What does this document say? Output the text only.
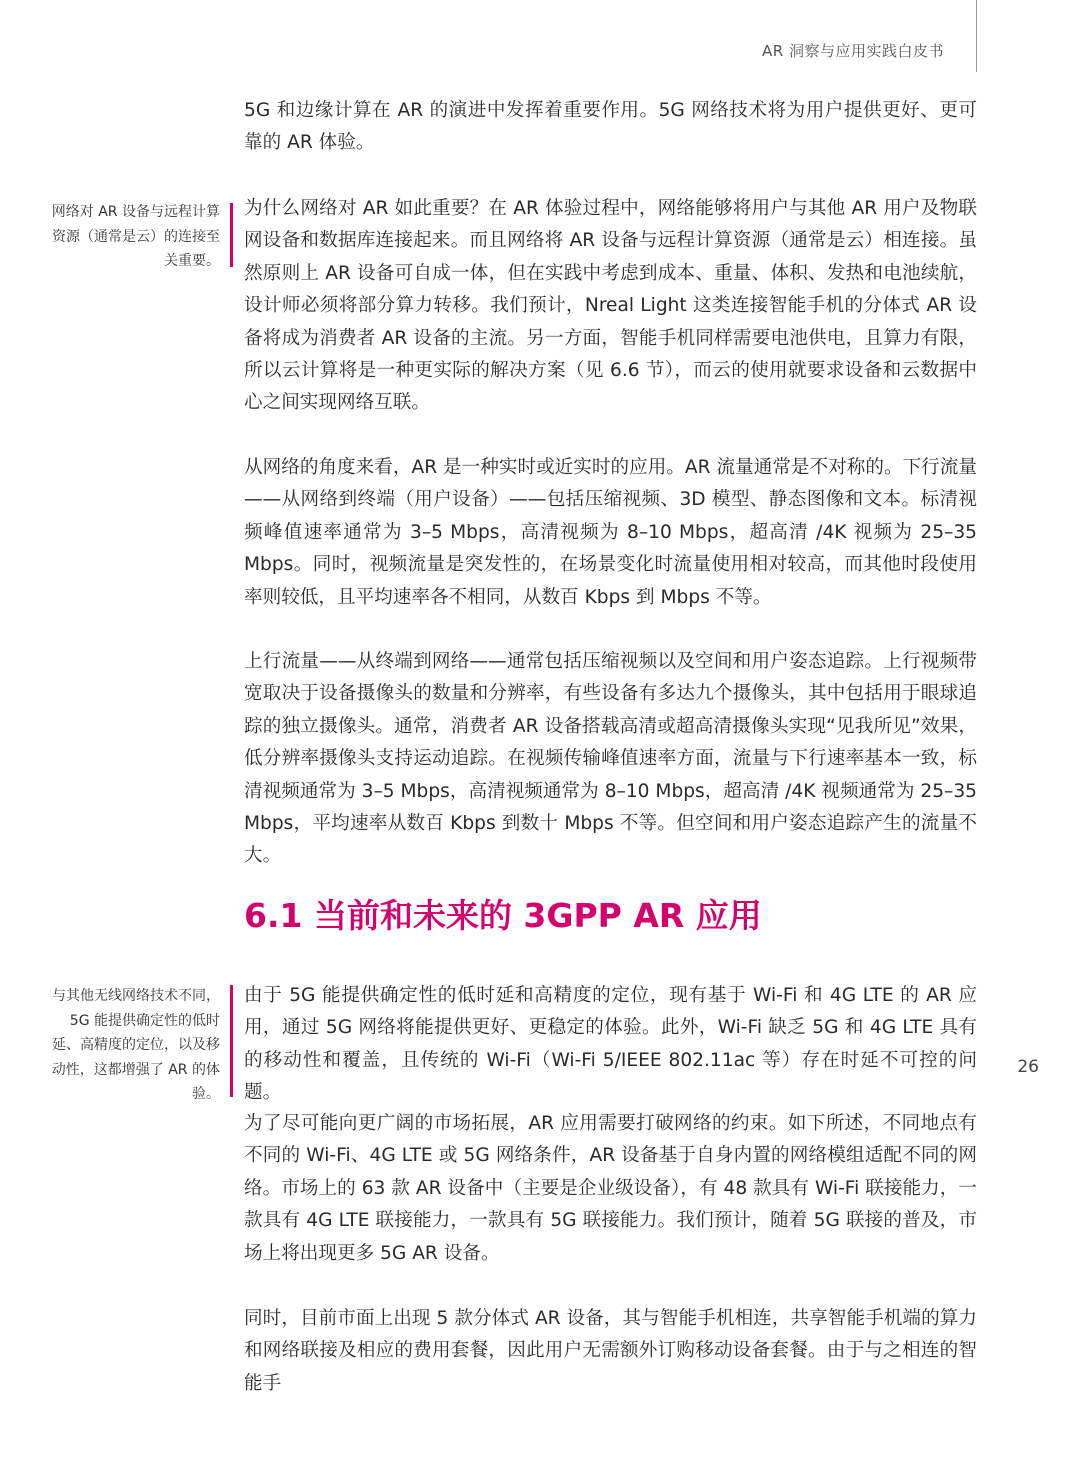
AR 洞察与应用实践白皮书

5G 和边缘计算在 AR 的演进中发挥着重要作用。5G 网络技术将为用户提供更好、更可靠的 AR 体验。

网络对 AR 设备与远程计算资源（通常是云）的连接至关重要。

为什么网络对 AR 如此重要？在 AR 体验过程中，网络能够将用户与其他 AR 用户及物联网设备和数据库连接起来。而且网络将 AR 设备与远程计算资源（通常是云）相连接。虽然原则上 AR 设备可自成一体，但在实践中考虑到成本、重量、体积、发热和电池续航，设计师必须将部分算力转移。我们预计，Nreal Light 这类连接智能手机的分体式 AR 设备将成为消费者 AR 设备的主流。另一方面，智能手机同样需要电池供电，且算力有限，所以云计算将是一种更实际的解决方案（见 6.6 节），而云的使用就要求设备和云数据中心之间实现网络互联。

从网络的角度来看，AR 是一种实时或近实时的应用。AR 流量通常是不对称的。下行流量——从网络到终端（用户设备）——包括压缩视频、3D 模型、静态图像和文本。标清视频峰值速率通常为 3–5 Mbps，高清视频为 8–10 Mbps，超高清 /4K 视频为 25–35 Mbps。同时，视频流量是突发性的，在场景变化时流量使用相对较高，而其他时段使用率则较低，且平均速率各不相同，从数百 Kbps 到 Mbps 不等。

上行流量——从终端到网络——通常包括压缩视频以及空间和用户姿态追踪。上行视频带宽取决于设备摄像头的数量和分辨率，有些设备有多达九个摄像头，其中包括用于眼球追踪的独立摄像头。通常，消费者 AR 设备搭载高清或超高清摄像头实现“见我所见”效果，低分辨率摄像头支持运动追踪。在视频传输峰值速率方面，流量与下行速率基本一致，标清视频通常为 3–5 Mbps，高清视频通常为 8–10 Mbps，超高清 /4K 视频通常为 25–35 Mbps，平均速率从数百 Kbps 到数十 Mbps 不等。但空间和用户姿态追踪产生的流量不大。

6.1 当前和未来的 3GPP AR 应用

与其他无线网络技术不同，5G 能提供确定性的低时延、高精度的定位，以及移动性，这都增强了 AR 的体验。

由于 5G 能提供确定性的低时延和高精度的定位，现有基于 Wi-Fi 和 4G LTE 的 AR 应用，通过 5G 网络将能提供更好、更稳定的体验。此外，Wi-Fi 缺乏 5G 和 4G LTE 具有的移动性和覆盖，且传统的 Wi-Fi（Wi-Fi 5/IEEE 802.11ac 等）存在时延不可控的问题。

为了尽可能向更广阔的市场拓展，AR 应用需要打破网络的约束。如下所述，不同地点有不同的 Wi-Fi、4G LTE 或 5G 网络条件，AR 设备基于自身内置的网络模组适配不同的网络。市场上的 63 款 AR 设备中（主要是企业级设备），有 48 款具有 Wi-Fi 联接能力，一款具有 4G LTE 联接能力，一款具有 5G 联接能力。我们预计，随着 5G 联接的普及，市场上将出现更多 5G AR 设备。

同时，目前市面上出现 5 款分体式 AR 设备，其与智能手机相连，共享智能手机端的算力和网络联接及相应的费用套餐，因此用户无需额外订购移动设备套餐。由于与之相连的智能手

26
